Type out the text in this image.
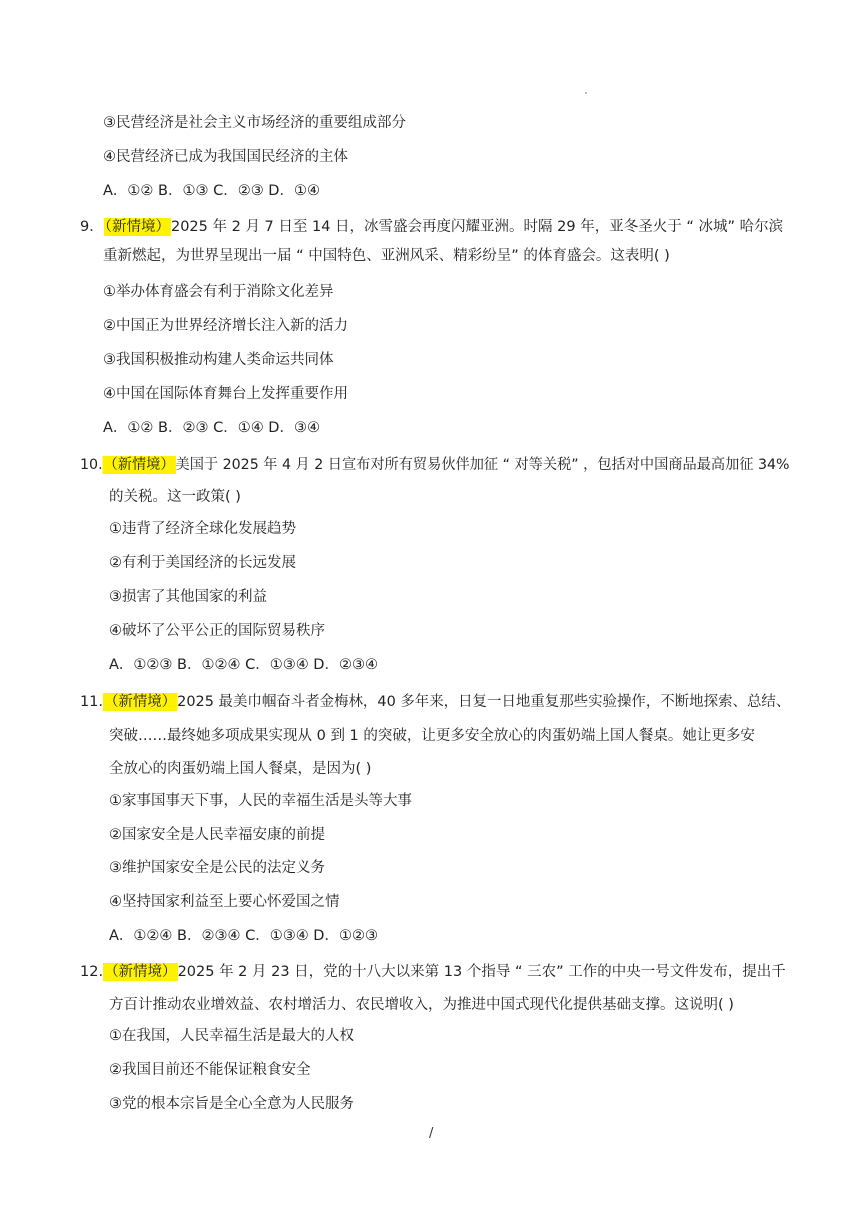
③民营经济是社会主义市场经济的重要组成部分
④民营经济已成为我国国民经济的主体
A．①② B．①③ C．②③ D．①④
9．（新情境）2025 年 2 月 7 日至 14 日，冰雪盛会再度闪耀亚洲。时隔 29 年，亚冬圣火于 “ 冰城” 哈尔滨
重新燃起，为世界呈现出一届 “ 中国特色、亚洲风采、精彩纷呈” 的体育盛会。这表明( )
①举办体育盛会有利于消除文化差异
②中国正为世界经济增长注入新的活力
③我国积极推动构建人类命运共同体
④中国在国际体育舞台上发挥重要作用
A．①② B．②③ C．①④ D．③④
10.（新情境）美国于 2025 年 4 月 2 日宣布对所有贸易伙伴加征 “ 对等关税” ，包括对中国商品最高加征 34%
的关税。这一政策( )
①违背了经济全球化发展趋势
②有利于美国经济的长远发展
③损害了其他国家的利益
④破坏了公平公正的国际贸易秩序
A．①②③ B．①②④ C．①③④ D．②③④
11.（新情境）2025 最美巾帼奋斗者金梅林，40 多年来，日复一日地重复那些实验操作，不断地探索、总结、
突破……最终她多项成果实现从 0 到 1 的突破，让更多安全放心的肉蛋奶端上国人餐桌。她让更多安
全放心的肉蛋奶端上国人餐桌，是因为( )
①家事国事天下事，人民的幸福生活是头等大事
②国家安全是人民幸福安康的前提
③维护国家安全是公民的法定义务
④坚持国家利益至上要心怀爱国之情
A．①②④ B．②③④ C．①③④ D．①②③
12.（新情境）2025 年 2 月 23 日，党的十八大以来第 13 个指导 “ 三农” 工作的中央一号文件发布，提出千
方百计推动农业增效益、农村增活力、农民增收入，为推进中国式现代化提供基础支撑。这说明( )
①在我国，人民幸福生活是最大的人权
②我国目前还不能保证粮食安全
③党的根本宗旨是全心全意为人民服务
/
